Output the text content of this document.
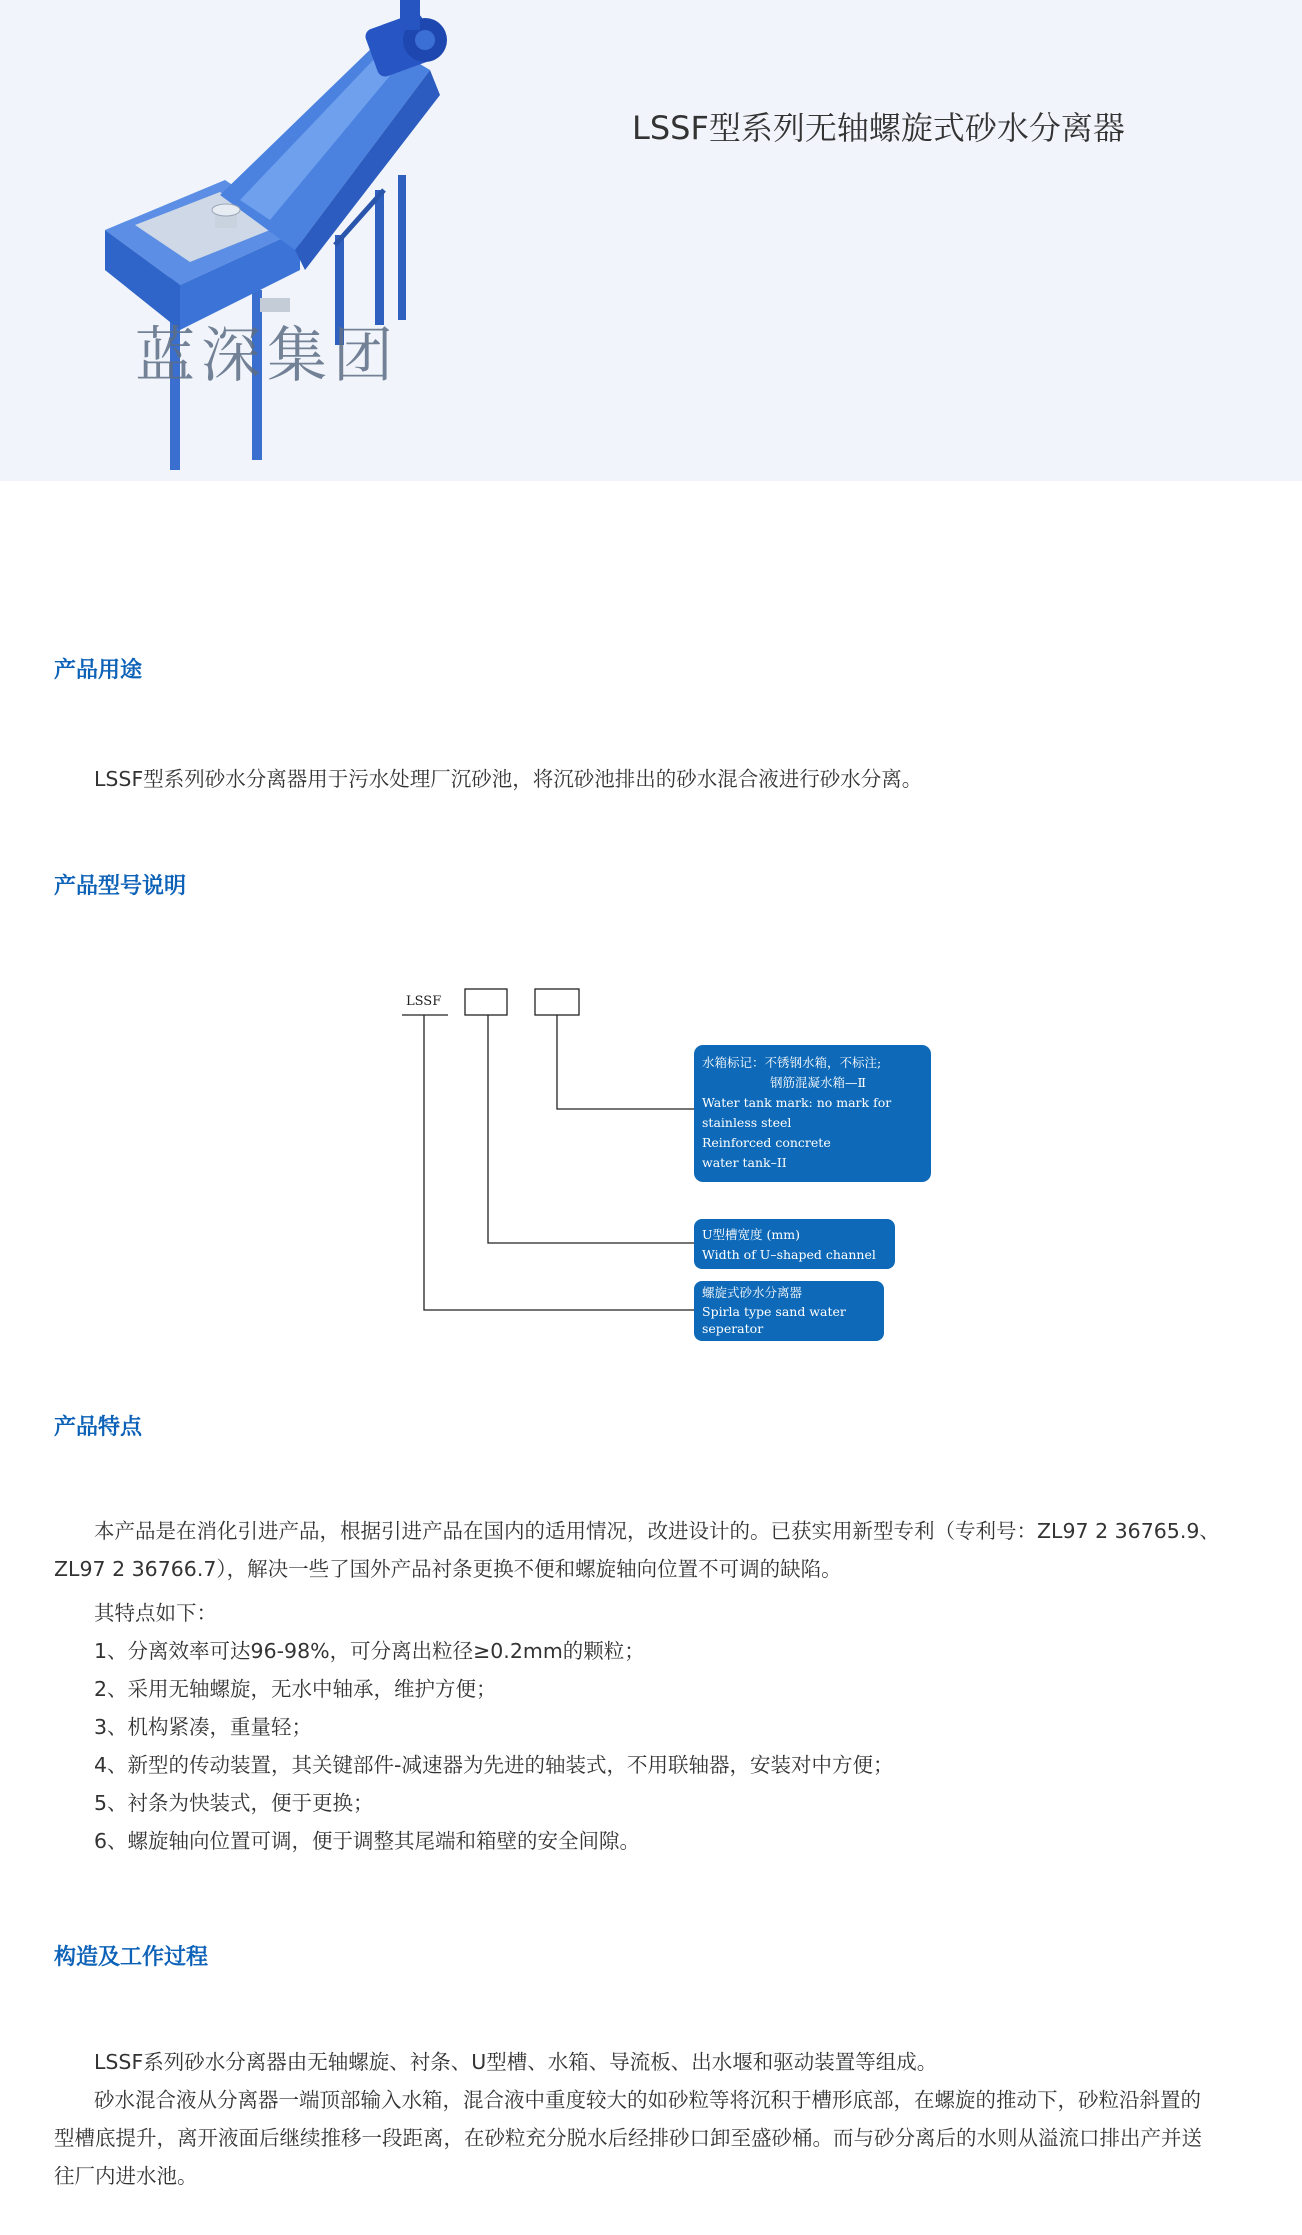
蓝深集团
LSSF型系列无轴螺旋式砂水分离器
产品用途
LSSF型系列砂水分离器用于污水处理厂沉砂池，将沉砂池排出的砂水混合液进行砂水分离。
产品型号说明
LSSF
水箱标记：不锈钢水箱，不标注;
钢筋混凝水箱—Ⅱ
Water tank mark: no mark for
stainless steel
Reinforced concrete
water tank–II
U型槽宽度 (mm)
Width of U–shaped channel
螺旋式砂水分离器
Spirla type sand water
seperator
产品特点
本产品是在消化引进产品，根据引进产品在国内的适用情况，改进设计的。已获实用新型专利（专利号：ZL97 2 36765.9、
ZL97 2 36766.7），解决一些了国外产品衬条更换不便和螺旋轴向位置不可调的缺陷。
其特点如下：
1、分离效率可达96-98%，可分离出粒径≥0.2mm的颗粒；
2、采用无轴螺旋，无水中轴承，维护方便；
3、机构紧凑，重量轻；
4、新型的传动装置，其关键部件-减速器为先进的轴装式，不用联轴器，安装对中方便；
5、衬条为快装式，便于更换；
6、螺旋轴向位置可调，便于调整其尾端和箱壁的安全间隙。
构造及工作过程
LSSF系列砂水分离器由无轴螺旋、衬条、U型槽、水箱、导流板、出水堰和驱动装置等组成。
砂水混合液从分离器一端顶部输入水箱，混合液中重度较大的如砂粒等将沉积于槽形底部，在螺旋的推动下，砂粒沿斜置的
型槽底提升，离开液面后继续推移一段距离，在砂粒充分脱水后经排砂口卸至盛砂桶。而与砂分离后的水则从溢流口排出产并送
往厂内进水池。
